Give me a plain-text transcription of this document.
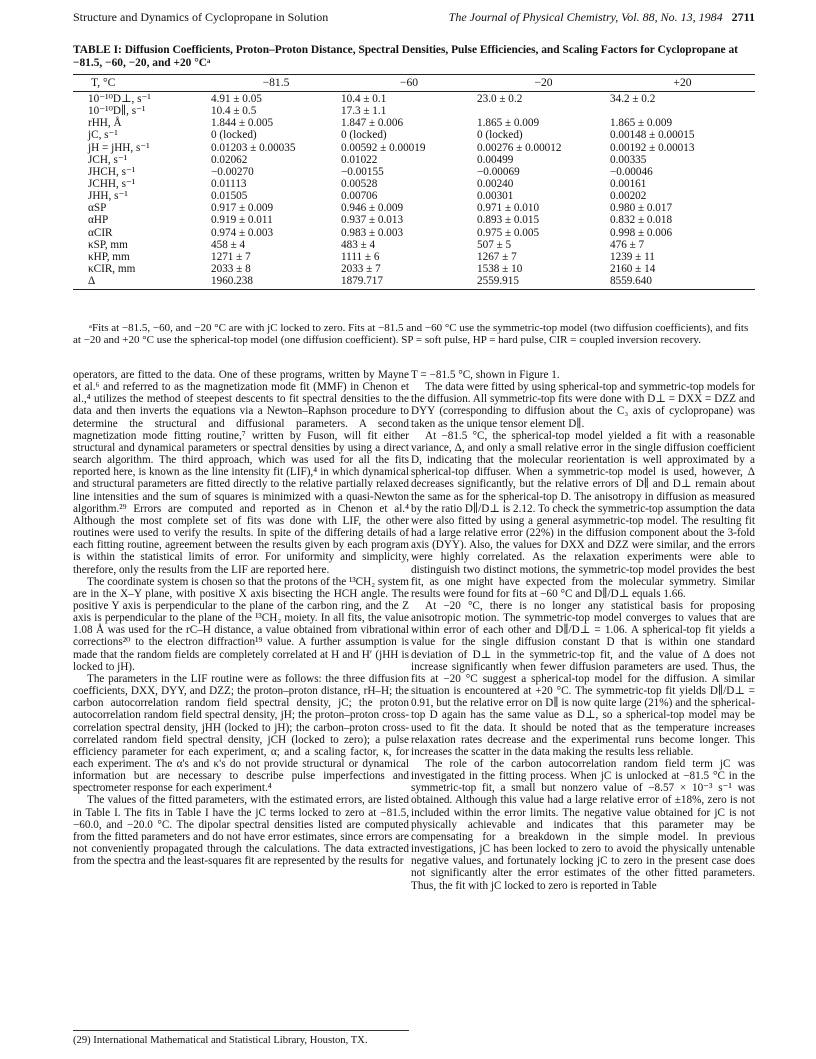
Structure and Dynamics of Cyclopropane in Solution	The Journal of Physical Chemistry, Vol. 88, No. 13, 1984 2711
TABLE I: Diffusion Coefficients, Proton–Proton Distance, Spectral Densities, Pulse Efficiencies, and Scaling Factors for Cyclopropane at −81.5, −60, −20, and +20 °Cᵃ
T, °C	−81.5	−60	−20	+20
10⁻¹⁰D⊥, s⁻¹	4.91 ± 0.05	10.4 ± 0.1	23.0 ± 0.2	34.2 ± 0.2
10⁻¹⁰D∥, s⁻¹	10.4 ± 0.5	17.3 ± 1.1
rHH, Å	1.844 ± 0.005	1.847 ± 0.006	1.865 ± 0.009	1.865 ± 0.009
jC, s⁻¹	0 (locked)	0 (locked)	0 (locked)	0.00148 ± 0.00015
jH = jHH, s⁻¹	0.01203 ± 0.00035	0.00592 ± 0.00019	0.00276 ± 0.00012	0.00192 ± 0.00013
JCH, s⁻¹	0.02062	0.01022	0.00499	0.00335
JHCH, s⁻¹	−0.00270	−0.00155	−0.00069	−0.00046
JCHH, s⁻¹	0.01113	0.00528	0.00240	0.00161
JHH, s⁻¹	0.01505	0.00706	0.00301	0.00202
αSP	0.917 ± 0.009	0.946 ± 0.009	0.971 ± 0.010	0.980 ± 0.017
αHP	0.919 ± 0.011	0.937 ± 0.013	0.893 ± 0.015	0.832 ± 0.018
αCIR	0.974 ± 0.003	0.983 ± 0.003	0.975 ± 0.005	0.998 ± 0.006
κSP, mm	458 ± 4	483 ± 4	507 ± 5	476 ± 7
κHP, mm	1271 ± 7	1111 ± 6	1267 ± 7	1239 ± 11
κCIR, mm	2033 ± 8	2033 ± 7	1538 ± 10	2160 ± 14
Δ	1960.238	1879.717	2559.915	8559.640
ᵃFits at −81.5, −60, and −20 °C are with jC locked to zero. Fits at −81.5 and −60 °C use the symmetric-top model (two diffusion coefficients), and fits at −20 and +20 °C use the spherical-top model (one diffusion coefficient). SP = soft pulse, HP = hard pulse, CIR = coupled inversion recovery.

operators, are fitted to the data. One of these programs, written by Mayne et al.⁶ and referred to as the magnetization mode fit (MMF) in Chenon et al.,⁴ utilizes the method of steepest descents to fit spectral densities to the data and then inverts the equations via a Newton–Raphson procedure to determine the structural and diffusional parameters. A second magnetization mode fitting routine,⁷ written by Fuson, will fit either structural and dynamical parameters or spectral densities by using a direct search algorithm. The third approach, which was used for all the fits reported here, is known as the line intensity fit (LIF),⁴ in which dynamical and structural parameters are fitted directly to the relative partially relaxed line intensities and the sum of squares is minimized with a quasi-Newton algorithm.²⁹ Errors are computed and reported as in Chenon et al.⁴ Although the most complete set of fits was done with LIF, the other routines were used to verify the results. In spite of the differing details of each fitting routine, agreement between the results given by each program is within the statistical limits of error. For uniformity and simplicity, therefore, only the results from the LIF are reported here.

The coordinate system is chosen so that the protons of the ¹³CH₂ system are in the X–Y plane, with positive X axis bisecting the HCH angle. The positive Y axis is perpendicular to the plane of the carbon ring, and the Z axis is perpendicular to the plane of the ¹³CH₂ moiety. In all fits, the value 1.08 Å was used for the rC–H distance, a value obtained from vibrational corrections²⁰ to the electron diffraction¹⁹ value. A further assumption is made that the random fields are completely correlated at H and H′ (jHH is locked to jH).

The parameters in the LIF routine were as follows: the three diffusion coefficients, DXX, DYY, and DZZ; the proton–proton distance, rH–H; the carbon autocorrelation random field spectral density, jC; the proton autocorrelation random field spectral density, jH; the proton–proton cross-correlation spectral density, jHH (locked to jH); the carbon–proton cross-correlated random field spectral density, jCH (locked to zero); a pulse efficiency parameter for each experiment, α; and a scaling factor, κ, for each experiment. The α's and κ's do not provide structural or dynamical information but are necessary to describe pulse imperfections and spectrometer response for each experiment.⁴

The values of the fitted parameters, with the estimated errors, are listed in Table I. The fits in Table I have the jC terms locked to zero at −81.5, −60.0, and −20.0 °C. The dipolar spectral densities listed are computed from the fitted parameters and do not have error estimates, since errors are not conveniently propagated through the calculations. The data extracted from the spectra and the least-squares fit are represented by the results for

T = −81.5 °C, shown in Figure 1.

The data were fitted by using spherical-top and symmetric-top models for the diffusion. All symmetric-top fits were done with D⊥ = DXX = DZZ and DYY (corresponding to diffusion about the C₃ axis of cyclopropane) was taken as the unique tensor element D∥.

At −81.5 °C, the spherical-top model yielded a fit with a reasonable variance, Δ, and only a small relative error in the single diffusion coefficient D, indicating that the molecular reorientation is well approximated by a spherical-top diffuser. When a symmetric-top model is used, however, Δ decreases significantly, but the relative errors of D∥ and D⊥ remain about the same as for the spherical-top D. The anisotropy in diffusion as measured by the ratio D∥/D⊥ is 2.12. To check the symmetric-top assumption the data were also fitted by using a general asymmetric-top model. The resulting fit had a large relative error (22%) in the diffusion component about the 3-fold axis (DYY). Also, the values for DXX and DZZ were similar, and the errors were highly correlated. As the relaxation experiments were able to distinguish two distinct motions, the symmetric-top model provides the best fit, as one might have expected from the molecular symmetry. Similar results were found for fits at −60 °C and D∥/D⊥ equals 1.66.

At −20 °C, there is no longer any statistical basis for proposing anisotropic motion. The symmetric-top model converges to values that are within error of each other and D∥/D⊥ = 1.06. A spherical-top fit yields a value for the single diffusion constant D that is within one standard deviation of D⊥ in the symmetric-top fit, and the value of Δ does not increase significantly when fewer diffusion parameters are used. Thus, the fits at −20 °C suggest a spherical-top model for the diffusion. A similar situation is encountered at +20 °C. The symmetric-top fit yields D∥/D⊥ = 0.91, but the relative error on D∥ is now quite large (21%) and the spherical-top D again has the same value as D⊥, so a spherical-top model may be used to fit the data. It should be noted that as the temperature increases relaxation rates decrease and the experimental runs become longer. This increases the scatter in the data making the results less reliable.

The role of the carbon autocorrelation random field term jC was investigated in the fitting process. When jC is unlocked at −81.5 °C in the symmetric-top fit, a small but nonzero value of −8.57 × 10⁻³ s⁻¹ was obtained. Although this value had a large relative error of ±18%, zero is not included within the error limits. The negative value obtained for jC is not physically achievable and indicates that this parameter may be compensating for a breakdown in the simple model. In previous investigations, jC has been locked to zero to avoid the physically untenable negative values, and fortunately locking jC to zero in the present case does not significantly alter the error estimates of the other fitted parameters. Thus, the fit with jC locked to zero is reported in Table

(29) International Mathematical and Statistical Library, Houston, TX.
